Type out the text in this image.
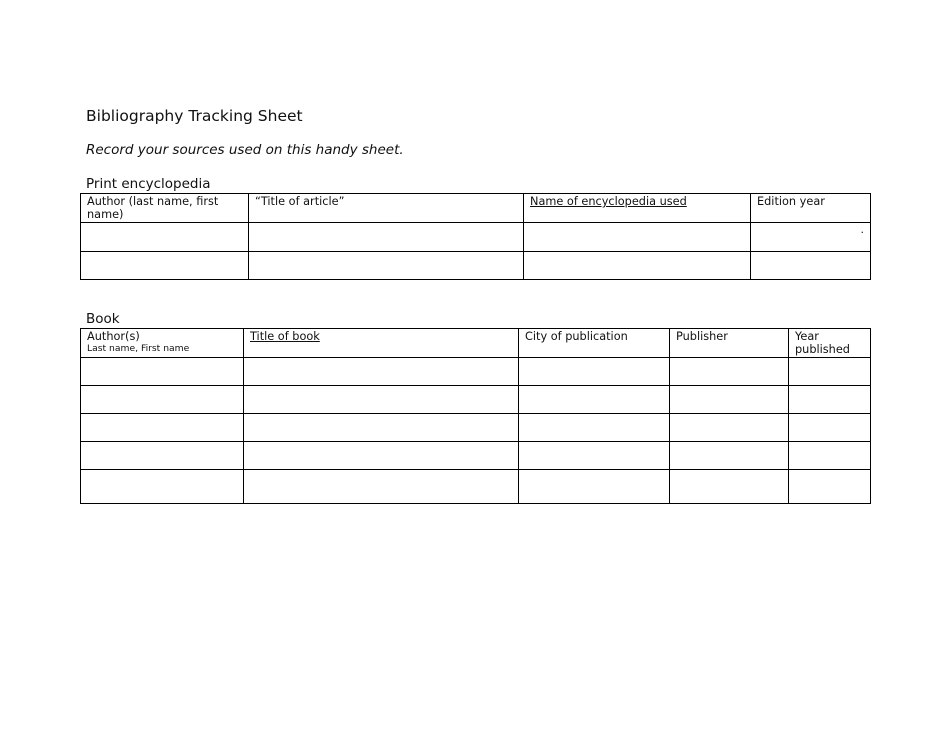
Bibliography Tracking Sheet

Record your sources used on this handy sheet.

Print encyclopedia

Author (last name, first name)	“Title of article”	Name of encyclopedia used	Edition year
			.

Book

Author(s)
Last name, First name	Title of book	City of publication	Publisher	Year published
